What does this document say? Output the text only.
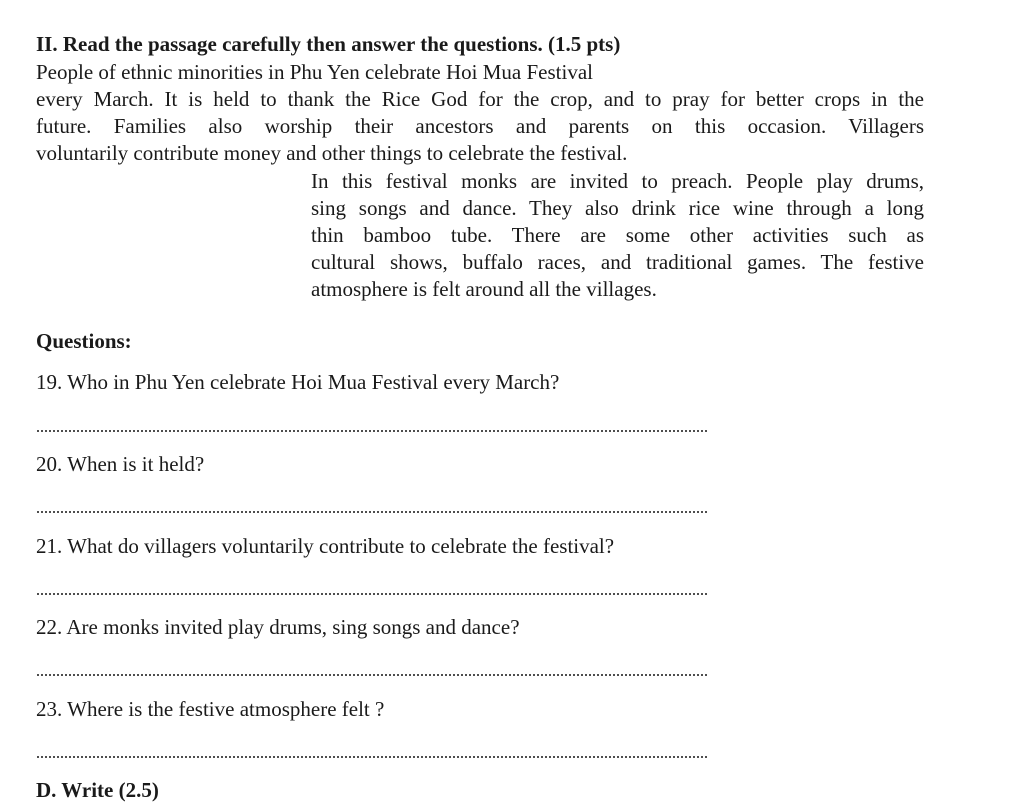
II. Read the passage carefully then answer the questions. (1.5 pts)
People of ethnic minorities in Phu Yen celebrate Hoi Mua Festival
every March. It is held to thank the Rice God for the crop, and to pray for better crops in the
future. Families also worship their ancestors and parents on this occasion. Villagers
voluntarily contribute money and other things to celebrate the festival.
In this festival monks are invited to preach. People play drums,
sing songs and dance. They also drink rice wine through a long
thin bamboo tube. There are some other activities such as
cultural shows, buffalo races, and traditional games. The festive
atmosphere is felt around all the villages.
Questions:
19. Who in Phu Yen celebrate Hoi Mua Festival every March?
20. When is it held?
21. What do villagers voluntarily contribute to celebrate the festival?
22. Are monks invited play drums, sing songs and dance?
23. Where is the festive atmosphere felt ?
D. Write (2.5)
